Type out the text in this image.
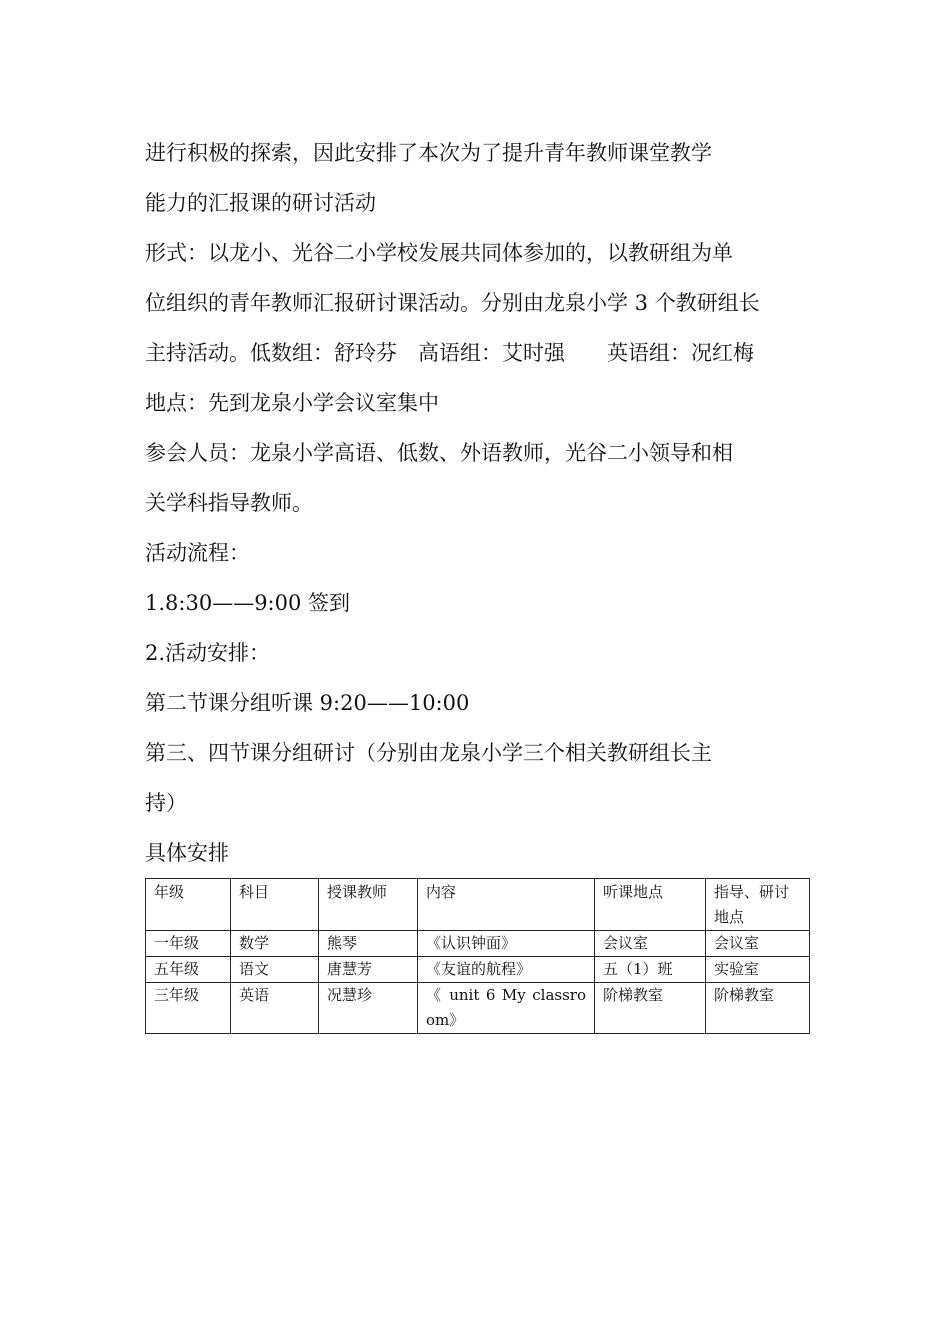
进行积极的探索，因此安排了本次为了提升青年教师课堂教学

能力的汇报课的研讨活动

形式：以龙小、光谷二小学校发展共同体参加的，以教研组为单

位组织的青年教师汇报研讨课活动。分别由龙泉小学 3 个教研组长

主持活动。低数组：舒玲芬　高语组：艾时强　　英语组：况红梅

地点：先到龙泉小学会议室集中

参会人员：龙泉小学高语、低数、外语教师，光谷二小领导和相

关学科指导教师。

活动流程：

1.8:30——9:00 签到

2.活动安排：

第二节课分组听课 9:20——10:00

第三、四节课分组研讨（分别由龙泉小学三个相关教研组长主

持）

具体安排

年级	科目	授课教师	内容	听课地点	指导、研讨地点
一年级	数学	熊琴	《认识钟面》	会议室	会议室
五年级	语文	唐慧芳	《友谊的航程》	五（1）班	实验室
三年级	英语	况慧珍	《 unit 6 My classroom》	阶梯教室	阶梯教室
